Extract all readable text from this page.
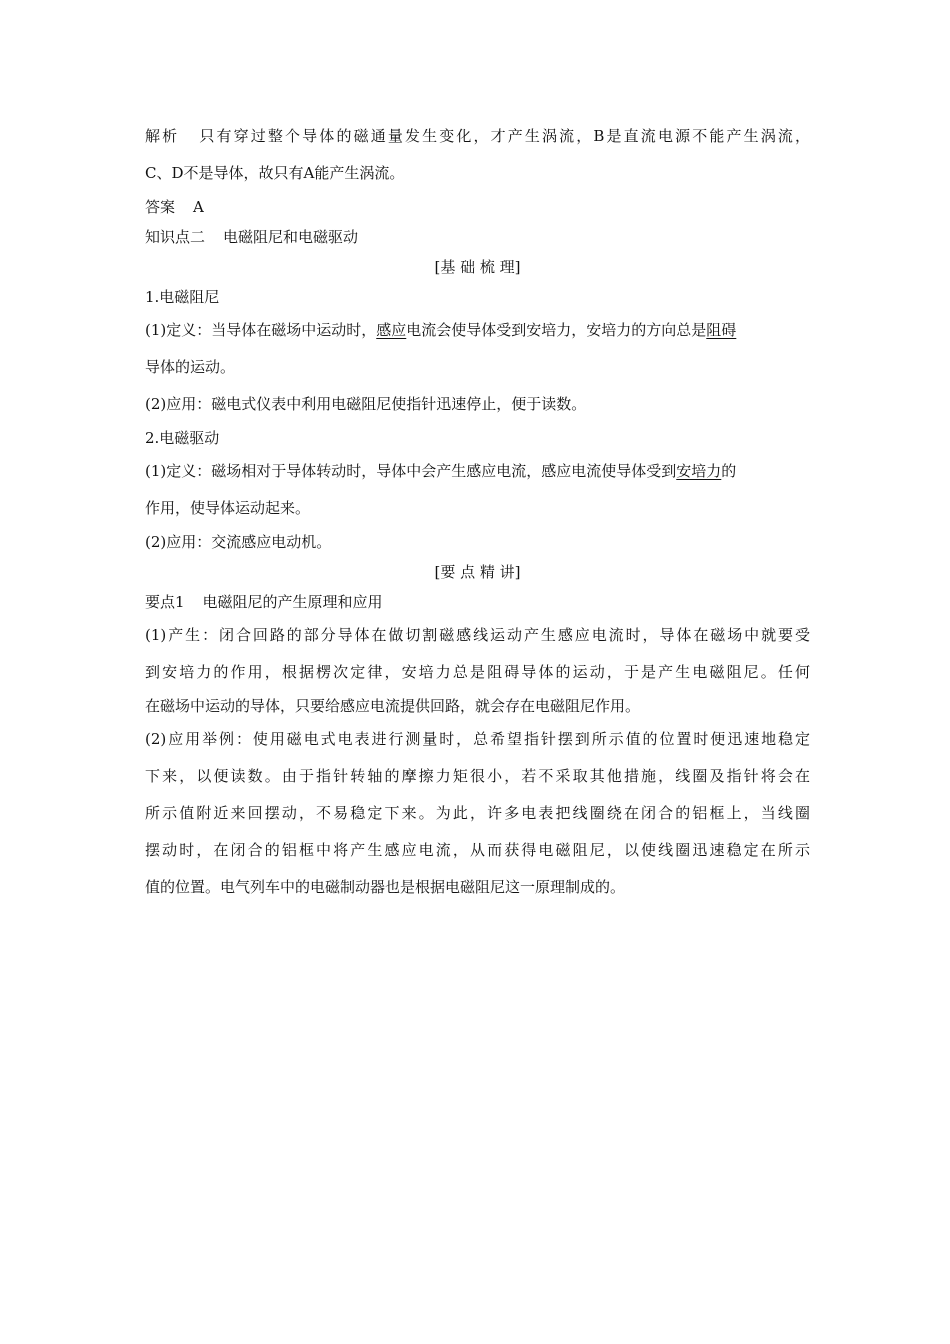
解析 只有穿过整个导体的磁通量发生变化，才产生涡流，B是直流电源不能产生涡流，
C、D不是导体，故只有A能产生涡流。
答案 A
知识点二 电磁阻尼和电磁驱动
[基 础 梳 理]
1.电磁阻尼
(1)定义：当导体在磁场中运动时，感应电流会使导体受到安培力，安培力的方向总是阻碍
导体的运动。
(2)应用：磁电式仪表中利用电磁阻尼使指针迅速停止，便于读数。
2.电磁驱动
(1)定义：磁场相对于导体转动时，导体中会产生感应电流，感应电流使导体受到安培力的
作用，使导体运动起来。
(2)应用：交流感应电动机。
[要 点 精 讲]
要点1 电磁阻尼的产生原理和应用
(1)产生：闭合回路的部分导体在做切割磁感线运动产生感应电流时，导体在磁场中就要受
到安培力的作用，根据楞次定律，安培力总是阻碍导体的运动，于是产生电磁阻尼。任何
在磁场中运动的导体，只要给感应电流提供回路，就会存在电磁阻尼作用。
(2)应用举例：使用磁电式电表进行测量时，总希望指针摆到所示值的位置时便迅速地稳定
下来，以便读数。由于指针转轴的摩擦力矩很小，若不采取其他措施，线圈及指针将会在
所示值附近来回摆动，不易稳定下来。为此，许多电表把线圈绕在闭合的铝框上，当线圈
摆动时，在闭合的铝框中将产生感应电流，从而获得电磁阻尼，以使线圈迅速稳定在所示
值的位置。电气列车中的电磁制动器也是根据电磁阻尼这一原理制成的。
